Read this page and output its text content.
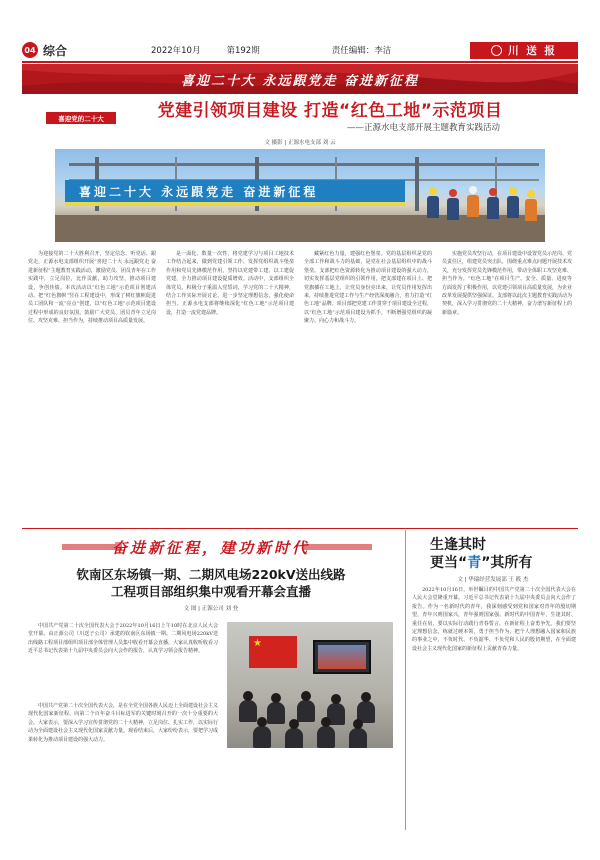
04 综合	2022年10月	第192期	责任编辑：李洁	川 送 报
喜迎二十大 永远跟党走 奋进新征程
喜迎党的二十大	党建引领项目建设 打造“红色工地”示范项目
——正源水电支部开展主题教育实践活动
文 摄影 | 正源水电支部 刘 云
喜迎二十大 永远跟党走 奋进新征程

为迎接党的二十大胜利召开，坚定信念、听党话、跟党走，正源水电支部组织开展“喜迎二十大 永远跟党走 奋进新征程”主题教育实践活动，激励党员、团员青年在工作实践中，立足岗位，比作贡献，助力攻坚，推动项目建设，争创佳绩。本次活动以“红色工地”示范项目创建活动、把“红色旗帜”竖在工程建设中，形成了树红旗帜促进员工团队和一流“亮点”创建，以“红色工地”示范项目建设过程中形成的良好氛围，鼓励广大党员、团员青年立足岗位、攻坚克难、担当作为，持续推动项目高质量发展。

是一面化、数量一次性，将党建学习与项目工地技术工作结合起来，做到党建引领工作、发挥党组织战斗堡垒作用和党员先锋模范作用，坚持以党建带工建、以工建促党建，全力推动项目建设提质增效。活动中，支部组织全体党员、积极分子重温入党誓词，学习党的二十大精神，结合工作实际开展讨论，进一步坚定理想信念，强化使命担当。正源水电支部将继续深化“红色工地”示范项目建设，打造一流党建品牌。

藏紧红色力量，建强红色堡垒。党的基层组织是党的全部工作和战斗力的基础，是党在社会基层组织中的战斗堡垒。支部把红色资源转化为推动项目建设的强大动力，切实发挥基层党组织的引领作用，把支部建在项目上、把党旗插在工地上，让党员身份亮出来，让党员作用发挥出来，持续推进党建工作与生产经营深度融合，着力打造“红色工地”品牌。项目部把党建工作贯穿于项目建设全过程，以“红色工地”示范项目建设为抓手，不断增强党组织的凝聚力、向心力和战斗力。

实施党员攻坚行动，在项目建设中设置党员示范岗、党员责任区，组建党员突击队，围绕重点难点问题开展技术攻关，充分发挥党员先锋模范作用，带动全体职工攻坚克难、担当作为。“红色工地”在项目生产、安全、质量、进度等方面发挥了积极作用，以党建引领项目高质量发展，为企业改革发展提供坚强保证。支部将以此次主题教育实践活动为契机，深入学习贯彻党的二十大精神，奋力谱写新征程上的新篇章。

奋进新征程，建功新时代
钦南区东场镇一期、二期风电场220kV送出线路
工程项目部组织集中观看开幕会直播
文 图 | 正源公司 刘 登

中国共产党第二十次全国代表大会于2022年10月16日上午10时在北京人民大会堂开幕。由正源公司（川送子公司）承建的钦南区东场镇一期、二期风电场220kV送出线路工程项目部组织项目部全体管理人员集中收看开幕会直播。大家认真收听收看习近平总书记代表第十九届中央委员会向大会作的报告，认真学习领会报告精神。

中国共产党第二十次全国代表大会，是在全党全国各族人民迈上全面建设社会主义现代化国家新征程、向第二个百年奋斗目标进军的关键时刻召开的一次十分重要的大会。大家表示，要深入学习宣传贯彻党的二十大精神，立足岗位、扎实工作，以实际行动为全面建设社会主义现代化国家贡献力量。观看结束后，大家纷纷表示，要把学习成果转化为推动项目建设的强大动力。

★
生逢其时
更当“青”其所有
文 | 华瑞经营发展部 王 筱 杰

2022年10月16日，举世瞩目的中国共产党第二十次全国代表大会在人民大会堂隆重开幕。习近平总书记代表第十九届中央委员会向大会作了报告。作为一名新时代的青年，我深刻感受到党和国家对青年的殷切期望，青年兴则国家兴，青年强则国家强。新时代的中国青年，生逢其时、重任在肩，要以实际行动践行青春誓言，在新征程上奋勇争先。我们要坚定理想信念，练就过硬本领，勇于担当作为，把个人理想融入国家和民族的事业之中，不负时代、不负韶华、不负党和人民的殷切期望，在全面建设社会主义现代化国家的新征程上贡献青春力量。
